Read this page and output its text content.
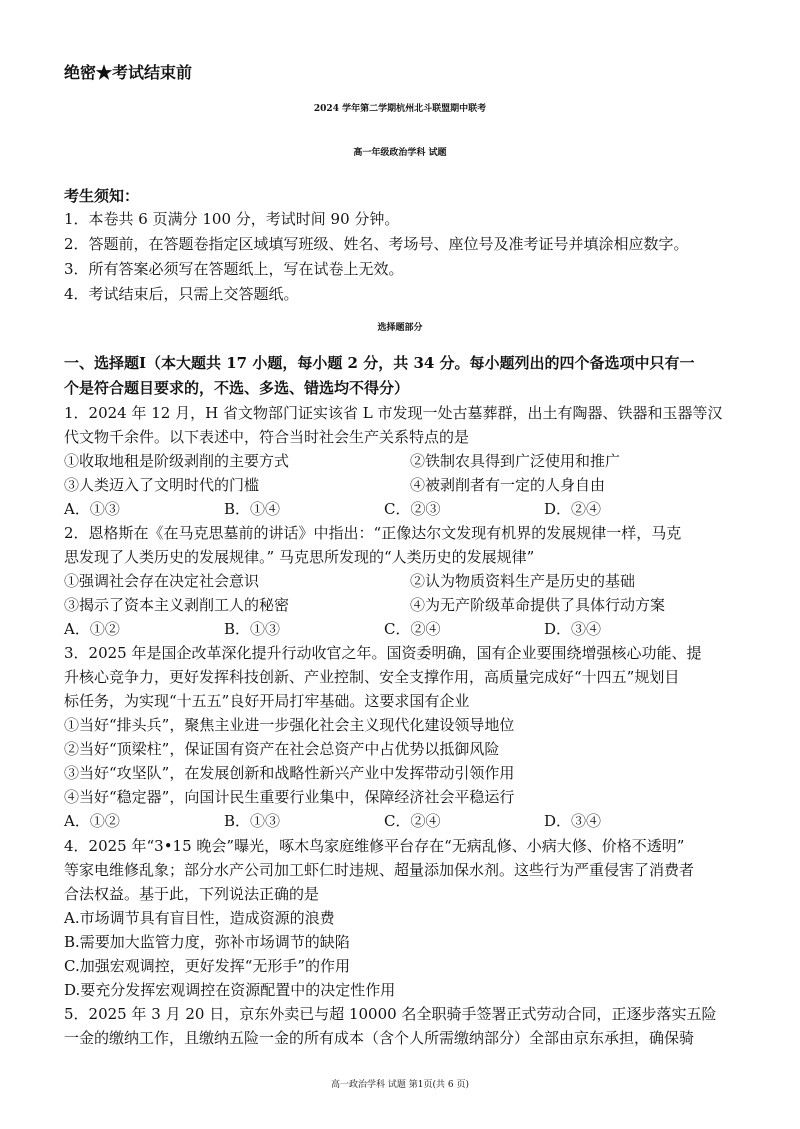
绝密★考试结束前
2024 学年第二学期杭州北斗联盟期中联考
高一年级政治学科 试题
考生须知：
1．本卷共 6 页满分 100 分，考试时间 90 分钟。
2．答题前，在答题卷指定区域填写班级、姓名、考场号、座位号及准考证号并填涂相应数字。
3．所有答案必须写在答题纸上，写在试卷上无效。
4．考试结束后，只需上交答题纸。
选择题部分
一、选择题Ⅰ（本大题共 17 小题，每小题 2 分，共 34 分。每小题列出的四个备选项中只有一
个是符合题目要求的，不选、多选、错选均不得分）
1．2024 年 12 月，H 省文物部门证实该省 L 市发现一处古墓葬群，出土有陶器、铁器和玉器等汉
代文物千余件。以下表述中，符合当时社会生产关系特点的是
①收取地租是阶级剥削的主要方式	②铁制农具得到广泛使用和推广
③人类迈入了文明时代的门槛	④被剥削者有一定的人身自由
A．①③	B．①④	C．②③	D．②④
2．恩格斯在《在马克思墓前的讲话》中指出：“正像达尔文发现有机界的发展规律一样，马克
思发现了人类历史的发展规律。” 马克思所发现的“人类历史的发展规律”
①强调社会存在决定社会意识	②认为物质资料生产是历史的基础
③揭示了资本主义剥削工人的秘密	④为无产阶级革命提供了具体行动方案
A．①②	B．①③	C．②④	D．③④
3．2025 年是国企改革深化提升行动收官之年。国资委明确，国有企业要围绕增强核心功能、提
升核心竞争力，更好发挥科技创新、产业控制、安全支撑作用，高质量完成好“十四五”规划目
标任务，为实现“十五五”良好开局打牢基础。这要求国有企业
①当好“排头兵”，聚焦主业进一步强化社会主义现代化建设领导地位
②当好“顶梁柱”，保证国有资产在社会总资产中占优势以抵御风险
③当好“攻坚队”，在发展创新和战略性新兴产业中发挥带动引领作用
④当好“稳定器”，向国计民生重要行业集中，保障经济社会平稳运行
A．①②	B．①③	C．②④	D．③④
4．2025 年“3•15 晚会”曝光，啄木鸟家庭维修平台存在“无病乱修、小病大修、价格不透明”
等家电维修乱象；部分水产公司加工虾仁时违规、超量添加保水剂。这些行为严重侵害了消费者
合法权益。基于此，下列说法正确的是
A.市场调节具有盲目性，造成资源的浪费
B.需要加大监管力度，弥补市场调节的缺陷
C.加强宏观调控，更好发挥“无形手”的作用
D.要充分发挥宏观调控在资源配置中的决定性作用
5．2025 年 3 月 20 日，京东外卖已与超 10000 名全职骑手签署正式劳动合同，正逐步落实五险
一金的缴纳工作，且缴纳五险一金的所有成本（含个人所需缴纳部分）全部由京东承担，确保骑
高一政治学科 试题 第1页(共 6 页)
